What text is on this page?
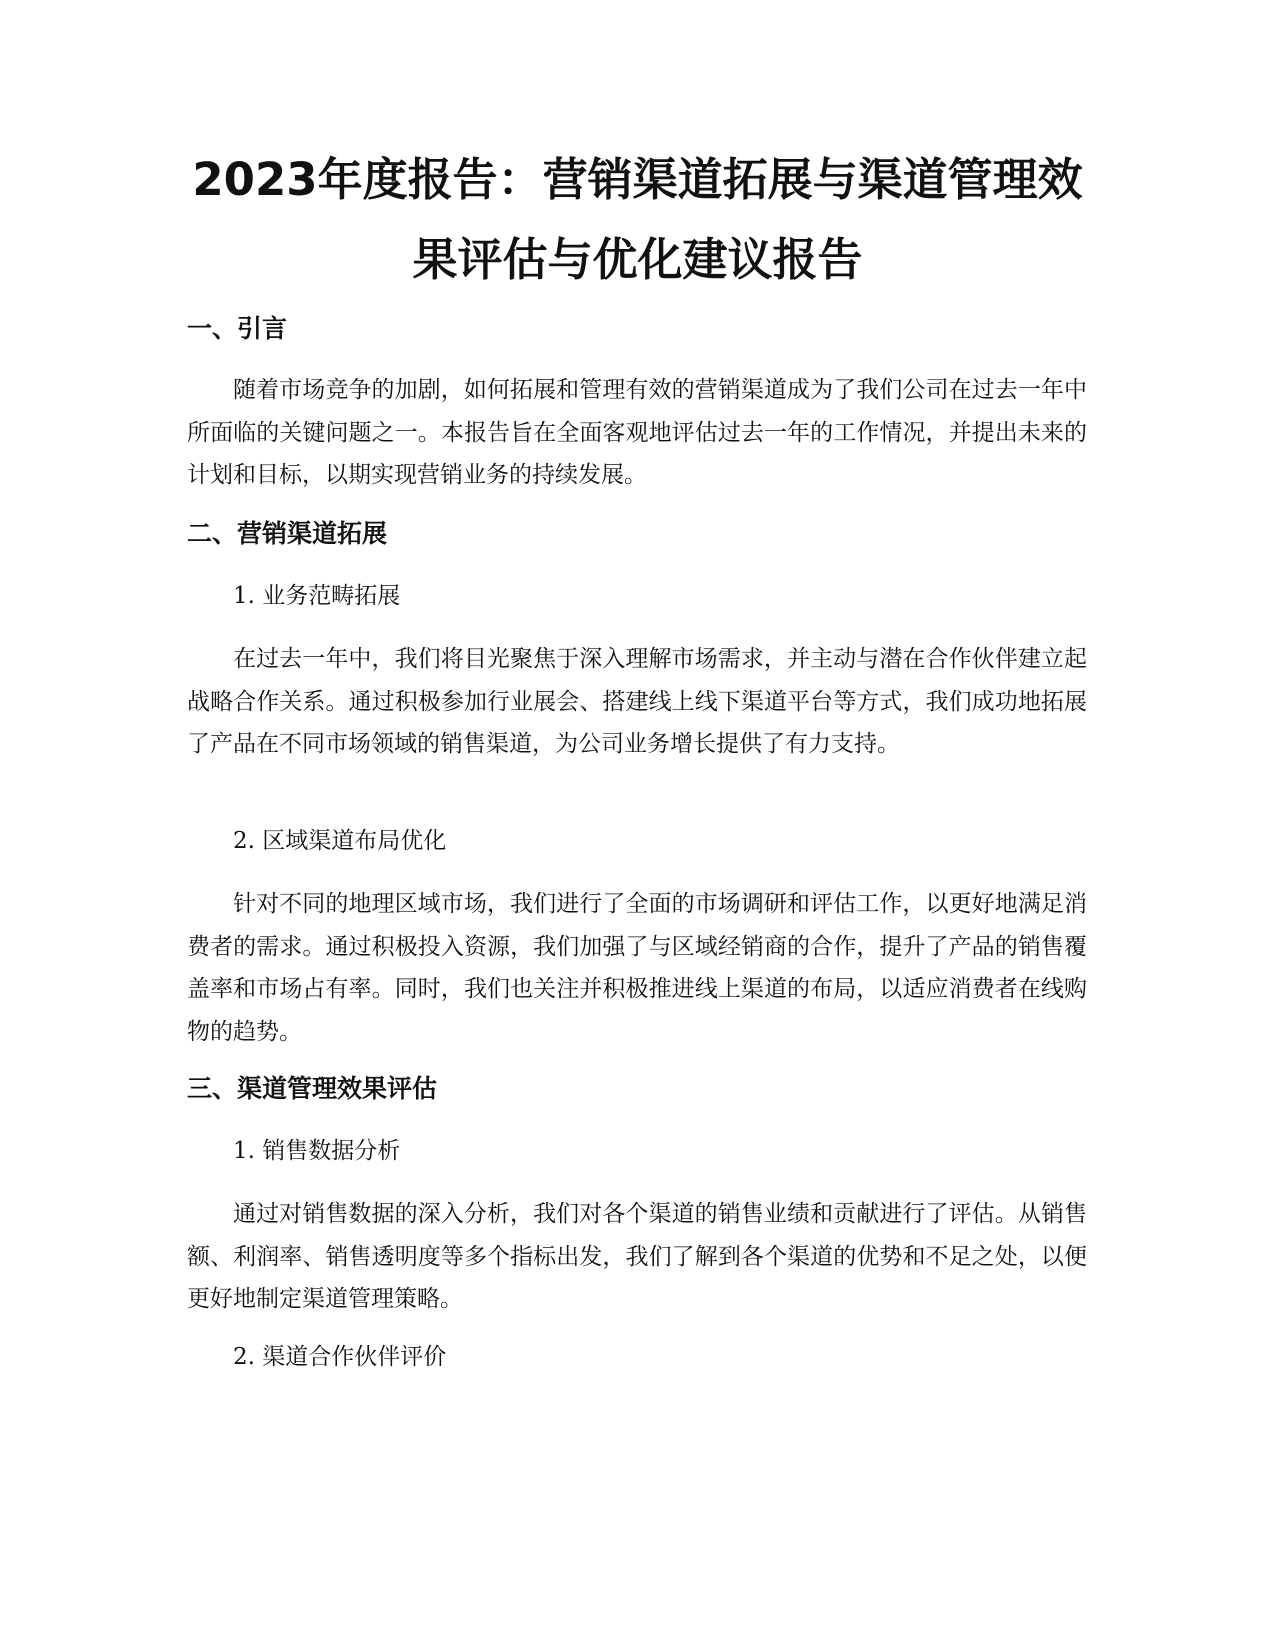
2023年度报告：营销渠道拓展与渠道管理效
果评估与优化建议报告
一、引言

随着市场竞争的加剧，如何拓展和管理有效的营销渠道成为了我们公司在过去一年中所面临的关键问题之一。本报告旨在全面客观地评估过去一年的工作情况，并提出未来的计划和目标，以期实现营销业务的持续发展。

二、营销渠道拓展
1. 业务范畴拓展

在过去一年中，我们将目光聚焦于深入理解市场需求，并主动与潜在合作伙伴建立起战略合作关系。通过积极参加行业展会、搭建线上线下渠道平台等方式，我们成功地拓展了产品在不同市场领域的销售渠道，为公司业务增长提供了有力支持。

2. 区域渠道布局优化

针对不同的地理区域市场，我们进行了全面的市场调研和评估工作，以更好地满足消费者的需求。通过积极投入资源，我们加强了与区域经销商的合作，提升了产品的销售覆盖率和市场占有率。同时，我们也关注并积极推进线上渠道的布局，以适应消费者在线购物的趋势。

三、渠道管理效果评估
1. 销售数据分析

通过对销售数据的深入分析，我们对各个渠道的销售业绩和贡献进行了评估。从销售额、利润率、销售透明度等多个指标出发，我们了解到各个渠道的优势和不足之处，以便更好地制定渠道管理策略。

2. 渠道合作伙伴评价
